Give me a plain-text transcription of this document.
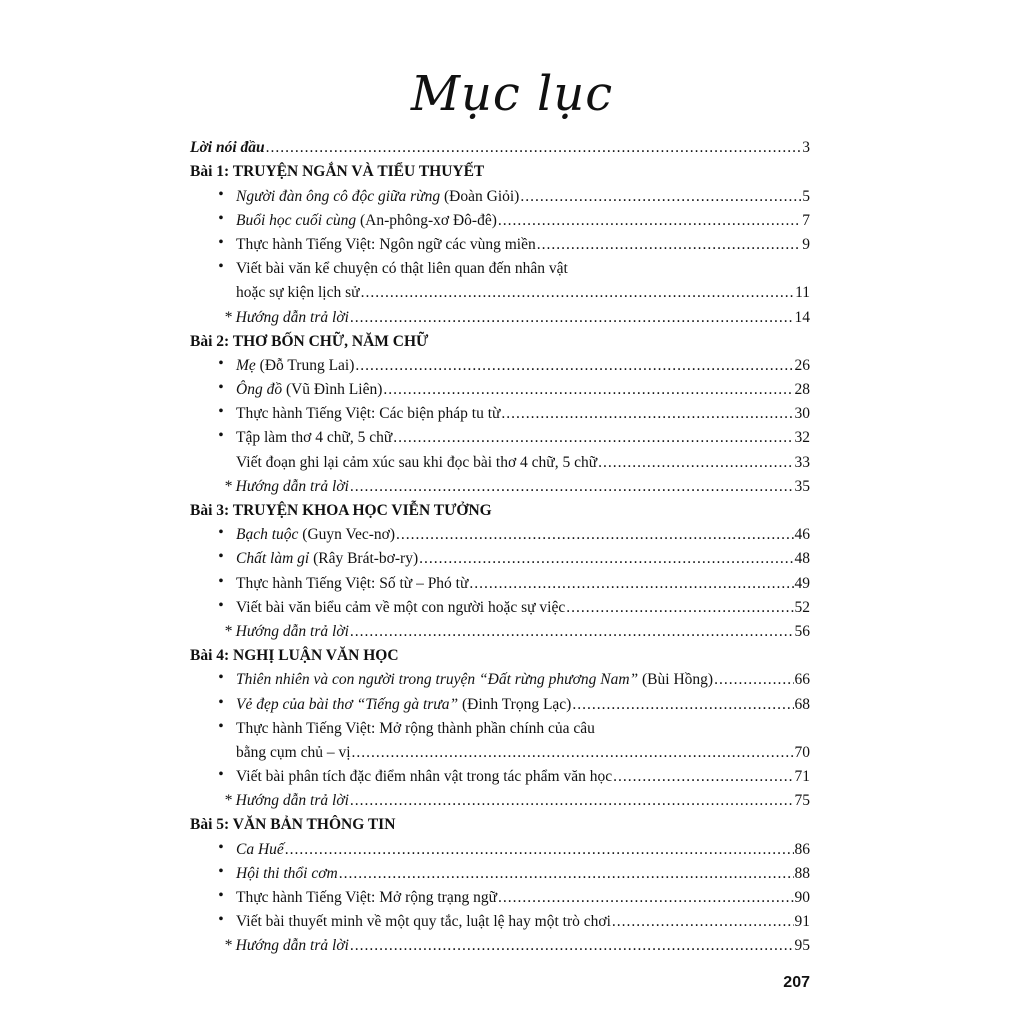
Mục lục
Lời nói đầu .....	3
Bài 1: TRUYỆN NGẮN VÀ TIỂU THUYẾT
• Người đàn ông cô độc giữa rừng (Đoàn Giỏi) .....	5
• Buổi học cuối cùng (An-phông-xơ Đô-đê) .....	7
• Thực hành Tiếng Việt: Ngôn ngữ các vùng miền .....	9
• Viết bài văn kể chuyện có thật liên quan đến nhân vật
hoặc sự kiện lịch sử .....	11
* Hướng dẫn trả lời .....	14
Bài 2: THƠ BỐN CHỮ, NĂM CHỮ
• Mẹ (Đỗ Trung Lai) .....	26
• Ông đồ (Vũ Đình Liên) .....	28
• Thực hành Tiếng Việt: Các biện pháp tu từ .....	30
• Tập làm thơ 4 chữ, 5 chữ .....	32
Viết đoạn ghi lại cảm xúc sau khi đọc bài thơ 4 chữ, 5 chữ .....	33
* Hướng dẫn trả lời .....	35
Bài 3: TRUYỆN KHOA HỌC VIỄN TƯỞNG
• Bạch tuộc (Guyn Vec-nơ) .....	46
• Chất làm gỉ (Rây Brát-bơ-ry) .....	48
• Thực hành Tiếng Việt: Số từ – Phó từ .....	49
• Viết bài văn biểu cảm về một con người hoặc sự việc .....	52
* Hướng dẫn trả lời .....	56
Bài 4: NGHỊ LUẬN VĂN HỌC
• Thiên nhiên và con người trong truyện “Đất rừng phương Nam” (Bùi Hồng) .....	66
• Vẻ đẹp của bài thơ “Tiếng gà trưa” (Đinh Trọng Lạc) .....	68
• Thực hành Tiếng Việt: Mở rộng thành phần chính của câu
bằng cụm chủ – vị .....	70
• Viết bài phân tích đặc điểm nhân vật trong tác phẩm văn học .....	71
* Hướng dẫn trả lời .....	75
Bài 5: VĂN BẢN THÔNG TIN
• Ca Huế .....	86
• Hội thi thổi cơm .....	88
• Thực hành Tiếng Việt: Mở rộng trạng ngữ .....	90
• Viết bài thuyết minh về một quy tắc, luật lệ hay một trò chơi .....	91
* Hướng dẫn trả lời .....	95
207
